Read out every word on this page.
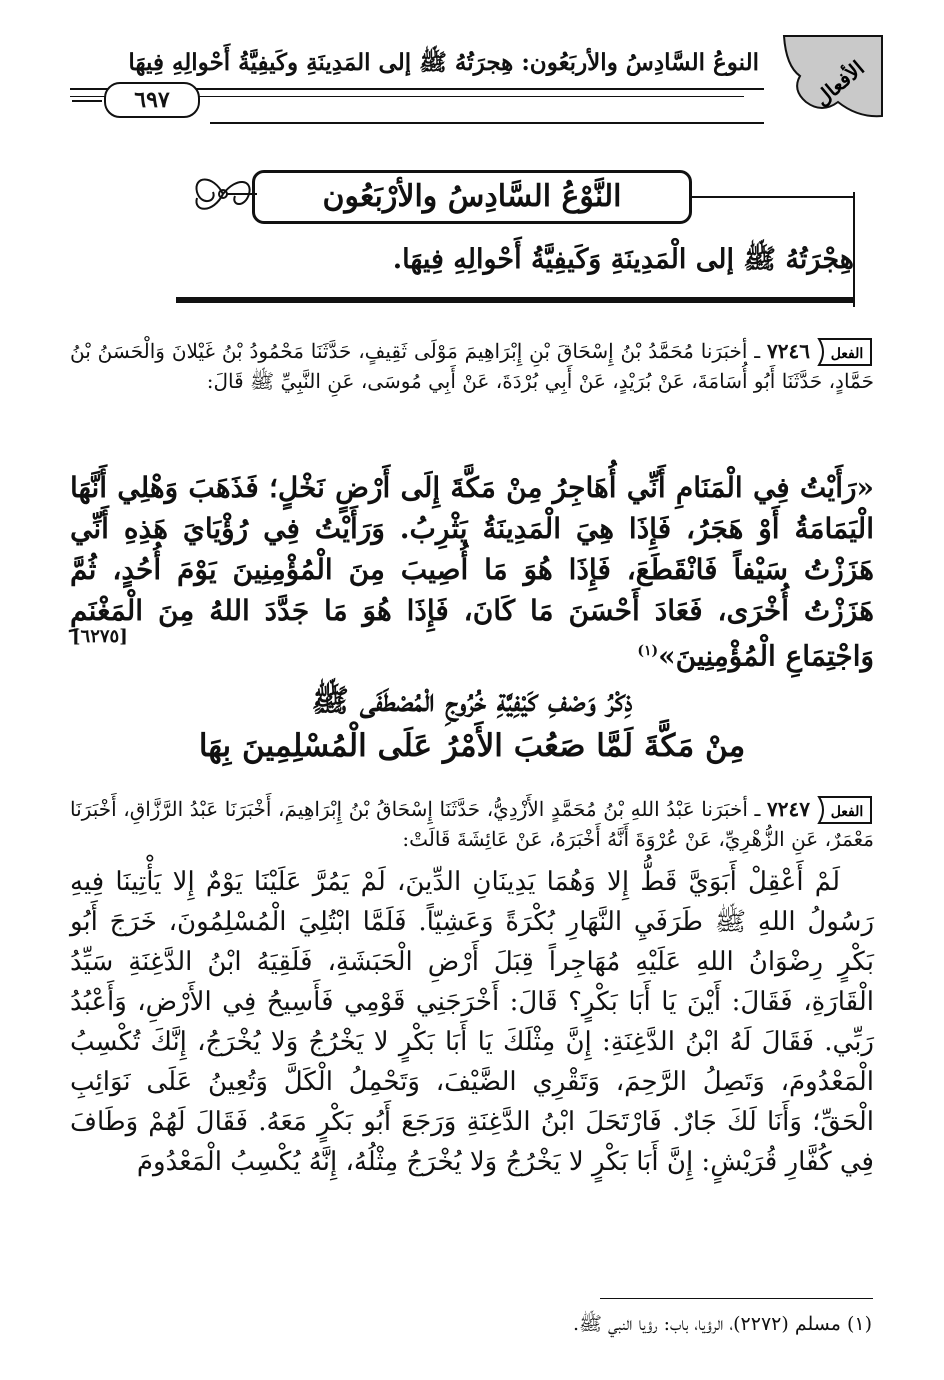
الأفعال
النوعُ السَّادِسُ والأربَعُون: هِجرَتُهُ ﷺ إلى المَدِينَةِ وكَيفِيَّةُ أَحْوالِهِ فِيهَا
٦٩٧
النَّوْعُ السَّادِسُ والأرْبَعُون
هِجْرَتُهُ ﷺ إلى الْمَدِينَةِ وَكَيفِيَّةُ أَحْوالِهِ فِيهَا.
الفعل

٧٢٤٦ ـ أخبَرَنا مُحَمَّدُ بْنُ إِسْحَاقَ بْنِ إِبْرَاهِيمَ مَوْلَى ثَقِيفٍ، حَدَّثَنَا مَحْمُودُ بْنُ غَيْلانَ وَالْحَسَنُ بْنُ حَمَّادٍ، حَدَّثَنَا أَبُو أُسَامَةَ، عَنْ بُرَيْدٍ، عَنْ أَبِي بُرْدَةَ، عَنْ أَبِي مُوسَى، عَنِ النَّبِيِّ ﷺ قَالَ:

«رَأَيْتُ فِي الْمَنَامِ أَنِّي أُهَاجِرُ مِنْ مَكَّةَ إِلَى أَرْضٍ نَخْلٍ؛ فَذَهَبَ وَهْلِي أَنَّهَا الْيَمَامَةُ أَوْ هَجَرُ، فَإِذَا هِيَ الْمَدِينَةُ يَثْرِبُ. وَرَأَيْتُ فِي رُؤْيَايَ هَذِهِ أَنِّي هَزَزْتُ سَيْفاً فَانْقَطَعَ، فَإِذَا هُوَ مَا أُصِيبَ مِنَ الْمُؤْمِنِينَ يَوْمَ أُحُدٍ، ثُمَّ هَزَزْتُ أُخْرَى، فَعَادَ أَحْسَنَ مَا كَانَ، فَإِذَا هُوَ مَا جَدَّدَ اللهُ مِنَ الْمَغْنَمِ وَاجْتِمَاعِ الْمُؤْمِنِينَ»$^{(١)}$

[٦٢٧٥]
ذِكْرُ وَصْفِ كَيْفِيَّةِ خُرُوجِ الْمُصْطَفَى ﷺ
مِنْ مَكَّةَ لَمَّا صَعُبَ الأَمْرُ عَلَى الْمُسْلِمِينَ بِهَا
الفعل

٧٢٤٧ ـ أخبَرَنا عَبْدُ اللهِ بْنُ مُحَمَّدٍ الأَزْدِيُّ، حَدَّثَنَا إِسْحَاقُ بْنُ إِبْرَاهِيمَ، أَخْبَرَنَا عَبْدُ الرَّزَّاقِ، أَخْبَرَنَا مَعْمَرٌ، عَنِ الزُّهْرِيِّ، عَنْ عُرْوَةَ أَنَّهُ أَخْبَرَهُ، عَنْ عَائِشَةَ قَالَتْ:

لَمْ أَعْقِلْ أَبَوَيَّ قَطُّ إِلا وَهُمَا يَدِينَانِ الدِّينَ، لَمْ يَمُرَّ عَلَيْنَا يَوْمٌ إِلا يَأْتِينَا فِيهِ رَسُولُ اللهِ ﷺ طَرَفَيِ النَّهَارِ بُكْرَةً وَعَشِيّاً. فَلَمَّا ابْتُلِيَ الْمُسْلِمُونَ، خَرَجَ أَبُو بَكْرٍ رِضْوَانُ اللهِ عَلَيْهِ مُهَاجِراً قِبَلَ أَرْضِ الْحَبَشَةِ، فَلَقِيَهُ ابْنُ الدَّغِنَةِ سَيِّدُ الْقَارَةِ، فَقَالَ: أَيْنَ يَا أَبَا بَكْرٍ؟ قَالَ: أَخْرَجَنِي قَوْمِي فَأَسِيحُ فِي الأَرْضِ، وَأَعْبُدُ رَبِّي. فَقَالَ لَهُ ابْنُ الدَّغِنَةِ: إِنَّ مِثْلَكَ يَا أَبَا بَكْرٍ لا يَخْرُجُ وَلا يُخْرَجُ، إِنَّكَ تُكْسِبُ الْمَعْدُومَ، وَتَصِلُ الرَّحِمَ، وَتَقْرِي الضَّيْفَ، وَتَحْمِلُ الْكَلَّ وَتُعِينُ عَلَى نَوَائِبِ الْحَقِّ؛ وَأَنَا لَكَ جَارٌ. فَارْتَحَلَ ابْنُ الدَّغِنَةِ وَرَجَعَ أَبُو بَكْرٍ مَعَهُ. فَقَالَ لَهُمْ وَطَافَ فِي كُفَّارِ قُرَيْشٍ: إِنَّ أَبَا بَكْرٍ لا يَخْرُجُ وَلا يُخْرَجُ مِثْلُهُ، إِنَّهُ يُكْسِبُ الْمَعْدُومَ

(١) مسلم (٢٢٧٢)، الرؤيا، باب: رؤيا النبي ﷺ.
